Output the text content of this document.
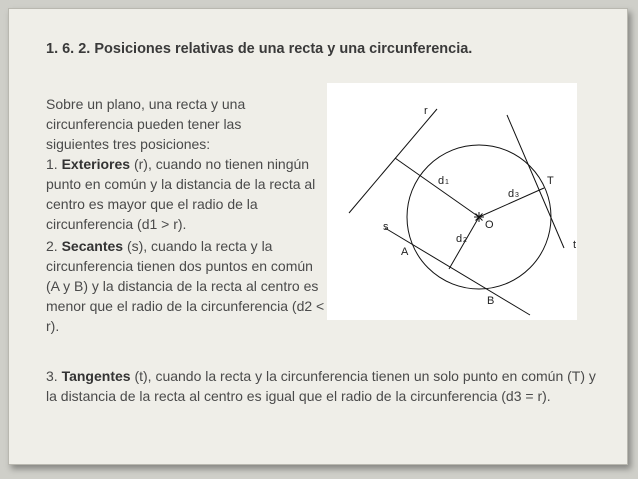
1. 6. 2. Posiciones relativas de una recta y una circunferencia.

Sobre un plano, una recta y una circunferencia pueden tener las siguientes tres posiciones:

1. Exteriores (r), cuando no tienen ningún punto en común y la distancia de la recta al centro es mayor que el radio de la circunferencia (d1 > r).

2. Secantes (s), cuando la recta y la circunferencia tienen dos puntos en común (A y B) y la distancia de la recta al centro es menor que el radio de la circunferencia (d2 < r).

r
s
t
T
A
B
O
d 1
d 2
d 3

3. Tangentes (t), cuando la recta y la circunferencia tienen un solo punto en común (T) y la distancia de la recta al centro es igual que el radio de la circunferencia (d3 = r).
